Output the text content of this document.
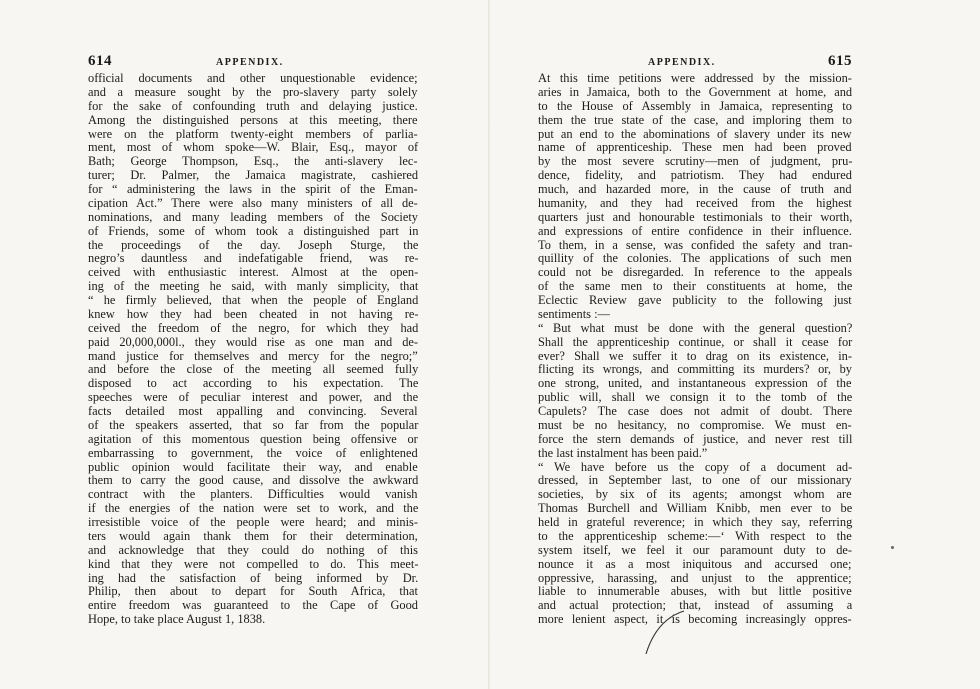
614	APPENDIX.
official documents and other unquestionable evidence;
and a measure sought by the pro-slavery party solely
for the sake of confounding truth and delaying justice.
Among the distinguished persons at this meeting, there
were on the platform twenty-eight members of parlia-
ment, most of whom spoke—W. Blair, Esq., mayor of
Bath; George Thompson, Esq., the anti-slavery lec-
turer; Dr. Palmer, the Jamaica magistrate, cashiered
for “ administering the laws in the spirit of the Eman-
cipation Act.” There were also many ministers of all de-
nominations, and many leading members of the Society
of Friends, some of whom took a distinguished part in
the proceedings of the day. Joseph Sturge, the
negro’s dauntless and indefatigable friend, was re-
ceived with enthusiastic interest. Almost at the open-
ing of the meeting he said, with manly simplicity, that
“ he firmly believed, that when the people of England
knew how they had been cheated in not having re-
ceived the freedom of the negro, for which they had
paid 20,000,000l., they would rise as one man and de-
mand justice for themselves and mercy for the negro;”
and before the close of the meeting all seemed fully
disposed to act according to his expectation. The
speeches were of peculiar interest and power, and the
facts detailed most appalling and convincing. Several
of the speakers asserted, that so far from the popular
agitation of this momentous question being offensive or
embarrassing to government, the voice of enlightened
public opinion would facilitate their way, and enable
them to carry the good cause, and dissolve the awkward
contract with the planters. Difficulties would vanish
if the energies of the nation were set to work, and the
irresistible voice of the people were heard; and minis-
ters would again thank them for their determination,
and acknowledge that they could do nothing of this
kind that they were not compelled to do. This meet-
ing had the satisfaction of being informed by Dr.
Philip, then about to depart for South Africa, that
entire freedom was guaranteed to the Cape of Good
Hope, to take place August 1, 1838.
APPENDIX.	615
At this time petitions were addressed by the mission-
aries in Jamaica, both to the Government at home, and
to the House of Assembly in Jamaica, representing to
them the true state of the case, and imploring them to
put an end to the abominations of slavery under its new
name of apprenticeship. These men had been proved
by the most severe scrutiny—men of judgment, pru-
dence, fidelity, and patriotism. They had endured
much, and hazarded more, in the cause of truth and
humanity, and they had received from the highest
quarters just and honourable testimonials to their worth,
and expressions of entire confidence in their influence.
To them, in a sense, was confided the safety and tran-
quillity of the colonies. The applications of such men
could not be disregarded. In reference to the appeals
of the same men to their constituents at home, the
Eclectic Review gave publicity to the following just
sentiments :—
“ But what must be done with the general question?
Shall the apprenticeship continue, or shall it cease for
ever? Shall we suffer it to drag on its existence, in-
flicting its wrongs, and committing its murders? or, by
one strong, united, and instantaneous expression of the
public will, shall we consign it to the tomb of the
Capulets? The case does not admit of doubt. There
must be no hesitancy, no compromise. We must en-
force the stern demands of justice, and never rest till
the last instalment has been paid.”
“ We have before us the copy of a document ad-
dressed, in September last, to one of our missionary
societies, by six of its agents; amongst whom are
Thomas Burchell and William Knibb, men ever to be
held in grateful reverence; in which they say, referring
to the apprenticeship scheme:—‘ With respect to the
system itself, we feel it our paramount duty to de-
nounce it as a most iniquitous and accursed one;
oppressive, harassing, and unjust to the apprentice;
liable to innumerable abuses, with but little positive
and actual protection; that, instead of assuming a
more lenient aspect, it is becoming increasingly oppres-
